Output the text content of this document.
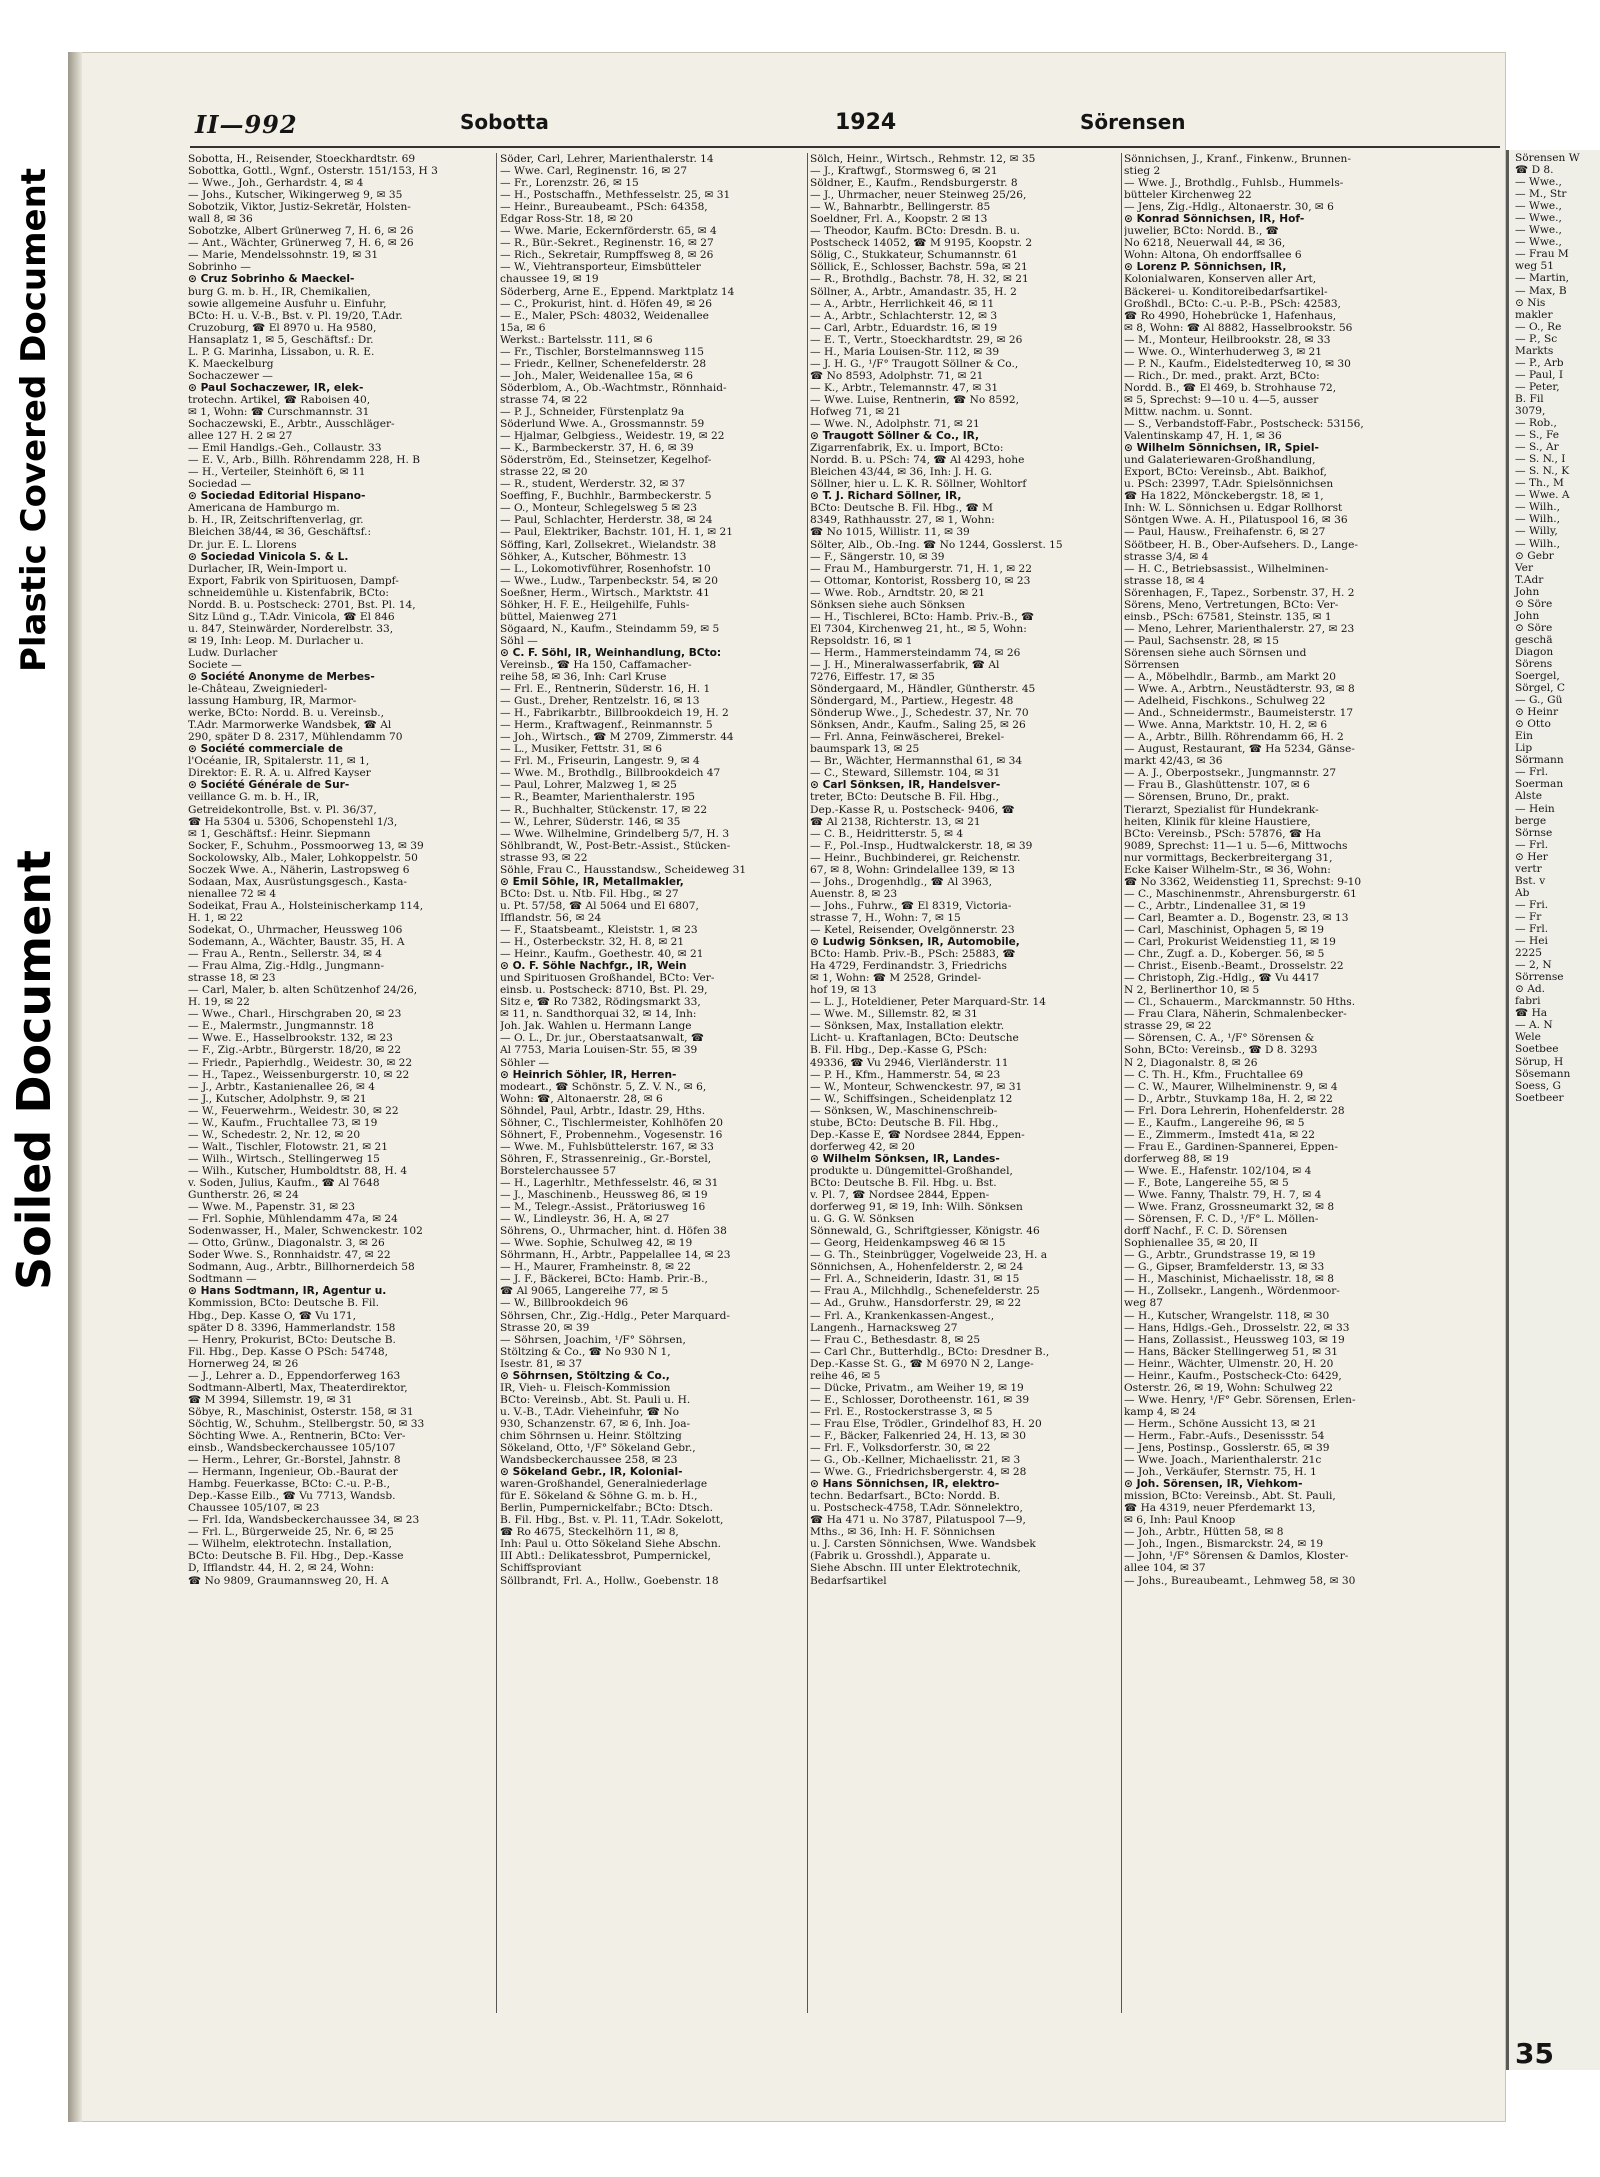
Soiled Document
Plastic Covered Document
II—992	Sobotta	1924	Sörensen

Sobotta, H., Reisender, Stoeckhardtstr. 69

Sobottka, Gottl., Wgnf., Osterstr. 151/153, H 3

— Wwe., Joh., Gerhardstr. 4, ✉ 4

— Johs., Kutscher, Wikingerweg 9, ✉ 35

Sobotzik, Viktor, Justiz-Sekretär, Holsten-

wall 8, ✉ 36

Sobotzke, Albert Grünerweg 7, H. 6, ✉ 26

— Ant., Wächter, Grünerweg 7, H. 6, ✉ 26

— Marie, Mendelssohnstr. 19, ✉ 31

Sobrinho —

⊙ Cruz Sobrinho & Maeckel-

burg G. m. b. H., IR, Chemikalien,

sowie allgemeine Ausfuhr u. Einfuhr,

BCto: H. u. V.-B., Bst. v. Pl. 19/20, T.Adr.

Cruzoburg, ☎ El 8970 u. Ha 9580,

Hansaplatz 1, ✉ 5, Geschäftsf.: Dr.

L. P. G. Marinha, Lissabon, u. R. E.

K. Maeckelburg

Sochaczewer —

⊙ Paul Sochaczewer, IR, elek-

trotechn. Artikel, ☎ Raboisen 40,

✉ 1, Wohn: ☎ Curschmannstr. 31

Sochaczewski, E., Arbtr., Ausschläger-

allee 127 H. 2 ✉ 27

— Emil Handlgs.-Geh., Collaustr. 33

— E. V., Arb., Billh. Röhrendamm 228, H. B

— H., Verteiler, Steinhöft 6, ✉ 11

Sociedad —

⊙ Sociedad Editorial Hispano-

Americana de Hamburgo m.

b. H., IR, Zeitschriftenverlag, gr.

Bleichen 38/44, ✉ 36, Geschäftsf.:

Dr. jur. E. L. Llorens

⊙ Sociedad Vinicola S. & L.

Durlacher, IR, Wein-Import u.

Export, Fabrik von Spirituosen, Dampf-

schneidemühle u. Kistenfabrik, BCto:

Nordd. B. u. Postscheck: 2701, Bst. Pl. 14,

Sitz Lünd g., T.Adr. Vinicola, ☎ El 846

u. 847, Steinwärder, Norderelbstr. 33,

✉ 19, Inh: Leop. M. Durlacher u.

Ludw. Durlacher

Societe —

⊙ Société Anonyme de Merbes-

le-Château, Zweigniederl-

lassung Hamburg, IR, Marmor-

werke, BCto: Nordd. B. u. Vereinsb.,

T.Adr. Marmorwerke Wandsbek, ☎ Al

290, später D 8. 2317, Mühlendamm 70

⊙ Société commerciale de

l'Océanie, IR, Spitalerstr. 11, ✉ 1,

Direktor: E. R. A. u. Alfred Kayser

⊙ Société Générale de Sur-

veillance G. m. b. H., IR,

Getreidekontrolle, Bst. v. Pl. 36/37,

☎ Ha 5304 u. 5306, Schopenstehl 1/3,

✉ 1, Geschäftsf.: Heinr. Siepmann

Socker, F., Schuhm., Possmoorweg 13, ✉ 39

Sockolowsky, Alb., Maler, Lohkoppelstr. 50

Soczek Wwe. A., Näherin, Lastropsweg 6

Sodaan, Max, Ausrüstungsgesch., Kasta-

nienallee 72 ✉ 4

Sodeikat, Frau A., Holsteinischerkamp 114,

H. 1, ✉ 22

Sodekat, O., Uhrmacher, Heussweg 106

Sodemann, A., Wächter, Baustr. 35, H. A

— Frau A., Rentn., Sellerstr. 34, ✉ 4

— Frau Alma, Zig.-Hdlg., Jungmann-

strasse 18, ✉ 23

— Carl, Maler, b. alten Schützenhof 24/26,

H. 19, ✉ 22

— Wwe., Charl., Hirschgraben 20, ✉ 23

— E., Malermstr., Jungmannstr. 18

— Wwe. E., Hasselbrookstr. 132, ✉ 23

— F., Zig.-Arbtr., Bürgerstr. 18/20, ✉ 22

— Friedr., Papierhdlg., Weidestr. 30, ✉ 22

— H., Tapez., Weissenburgerstr. 10, ✉ 22

— J., Arbtr., Kastanienallee 26, ✉ 4

— J., Kutscher, Adolphstr. 9, ✉ 21

— W., Feuerwehrm., Weidestr. 30, ✉ 22

— W., Kaufm., Fruchtallee 73, ✉ 19

— W., Schedestr. 2, Nr. 12, ✉ 20

— Walt., Tischler, Flotowstr. 21, ✉ 21

— Wilh., Wirtsch., Stellingerweg 15

— Wilh., Kutscher, Humboldtstr. 88, H. 4

v. Soden, Julius, Kaufm., ☎ Al 7648

Guntherstr. 26, ✉ 24

— Wwe. M., Papenstr. 31, ✉ 23

— Frl. Sophie, Mühlendamm 47a, ✉ 24

Sodenwasser, H., Maler, Schwenckestr. 102

— Otto, Grünw., Diagonalstr. 3, ✉ 26

Soder Wwe. S., Ronnhaidstr. 47, ✉ 22

Sodmann, Aug., Arbtr., Billhornerdeich 58

Sodtmann —

⊙ Hans Sodtmann, IR, Agentur u.

Kommission, BCto: Deutsche B. Fil.

Hbg., Dep. Kasse O, ☎ Vu 171,

später D 8. 3396, Hammerlandstr. 158

— Henry, Prokurist, BCto: Deutsche B.

Fil. Hbg., Dep. Kasse O PSch: 54748,

Hornerweg 24, ✉ 26

— J., Lehrer a. D., Eppendorferweg 163

Sodtmann-Albertl, Max, Theaterdirektor,

☎ M 3994, Sillemstr. 19, ✉ 31

Söbye, R., Maschinist, Osterstr. 158, ✉ 31

Söchtig, W., Schuhm., Stellbergstr. 50, ✉ 33

Söchting Wwe. A., Rentnerin, BCto: Ver-

einsb., Wandsbeckerchaussee 105/107

— Herm., Lehrer, Gr.-Borstel, Jahnstr. 8

— Hermann, Ingenieur, Ob.-Baurat der

Hambg. Feuerkasse, BCto: C.-u. P.-B.,

Dep.-Kasse Eilb., ☎ Vu 7713, Wandsb.

Chaussee 105/107, ✉ 23

— Frl. Ida, Wandsbeckerchaussee 34, ✉ 23

— Frl. L., Bürgerweide 25, Nr. 6, ✉ 25

— Wilhelm, elektrotechn. Installation,

BCto: Deutsche B. Fil. Hbg., Dep.-Kasse

D, Ifflandstr. 44, H. 2, ✉ 24, Wohn:

☎ No 9809, Graumannsweg 20, H. A

Söder, Carl, Lehrer, Marienthalerstr. 14

— Wwe. Carl, Reginenstr. 16, ✉ 27

— Fr., Lorenzstr. 26, ✉ 15

— H., Postschaffn., Methfesselstr. 25, ✉ 31

— Heinr., Bureaubeamt., PSch: 64358,

Edgar Ross-Str. 18, ✉ 20

— Wwe. Marie, Eckernförderstr. 65, ✉ 4

— R., Bür.-Sekret., Reginenstr. 16, ✉ 27

— Rich., Sekretair, Rumpffsweg 8, ✉ 26

— W., Viehtransporteur, Eimsbütteler

chaussee 19, ✉ 19

Söderberg, Arne E., Eppend. Marktplatz 14

— C., Prokurist, hint. d. Höfen 49, ✉ 26

— E., Maler, PSch: 48032, Weidenallee

15a, ✉ 6

Werkst.: Bartelsstr. 111, ✉ 6

— Fr., Tischler, Borstelmannsweg 115

— Friedr., Kellner, Schenefelderstr. 28

— Joh., Maler, Weidenallee 15a, ✉ 6

Söderblom, A., Ob.-Wachtmstr., Rönnhaid-

strasse 74, ✉ 22

— P. J., Schneider, Fürstenplatz 9a

Söderlund Wwe. A., Grossmannstr. 59

— Hjalmar, Gelbgiess., Weidestr. 19, ✉ 22

— K., Barmbeckerstr. 37, H. 6, ✉ 39

Söderström, Ed., Steinsetzer, Kegelhof-

strasse 22, ✉ 20

— R., student, Werderstr. 32, ✉ 37

Soeffing, F., Buchhlr., Barmbeckerstr. 5

— O., Monteur, Schlegelsweg 5 ✉ 23

— Paul, Schlachter, Herderstr. 38, ✉ 24

— Paul, Elektriker, Bachstr. 101, H. 1, ✉ 21

Söffing, Karl, Zollsekret., Wielandstr. 38

Söhker, A., Kutscher, Böhmestr. 13

— L., Lokomotivführer, Rosenhofstr. 10

— Wwe., Ludw., Tarpenbeckstr. 54, ✉ 20

Soeßner, Herm., Wirtsch., Marktstr. 41

Söhker, H. F. E., Heilgehilfe, Fuhls-

büttel, Maienweg 271

Sögaard, N., Kaufm., Steindamm 59, ✉ 5

Söhl —

⊙ C. F. Söhl, IR, Weinhandlung, BCto:

Vereinsb., ☎ Ha 150, Caffamacher-

reihe 58, ✉ 36, Inh: Carl Kruse

— Frl. E., Rentnerin, Süderstr. 16, H. 1

— Gust., Dreher, Rentzelstr. 16, ✉ 13

— H., Fabrikarbtr., Billbrookdeich 19, H. 2

— Herm., Kraftwagenf., Reinmannstr. 5

— Joh., Wirtsch., ☎ M 2709, Zimmerstr. 44

— L., Musiker, Fettstr. 31, ✉ 6

— Frl. M., Friseurin, Langestr. 9, ✉ 4

— Wwe. M., Brothdlg., Billbrookdeich 47

— Paul, Lohrer, Malzweg 1, ✉ 25

— R., Beamter, Marienthalerstr. 195

— R., Buchhalter, Stückenstr. 17, ✉ 22

— W., Lehrer, Süderstr. 146, ✉ 35

— Wwe. Wilhelmine, Grindelberg 5/7, H. 3

Söhlbrandt, W., Post-Betr.-Assist., Stücken-

strasse 93, ✉ 22

Söhle, Frau C., Hausstandsw., Scheideweg 31

⊙ Emil Söhle, IR, Metallmakler,

BCto: Dst. u. Ntb. Fil. Hbg., ✉ 27

u. Pt. 57/58, ☎ Al 5064 und El 6807,

Ifflandstr. 56, ✉ 24

— F., Staatsbeamt., Kleiststr. 1, ✉ 23

— H., Osterbeckstr. 32, H. 8, ✉ 21

— Heinr., Kaufm., Goethestr. 40, ✉ 21

⊙ O. F. Söhle Nachfgr., IR, Wein

und Spirituosen Großhandel, BCto: Ver-

einsb. u. Postscheck: 8710, Bst. Pl. 29,

Sitz e, ☎ Ro 7382, Rödingsmarkt 33,

✉ 11, n. Sandthorquai 32, ✉ 14, Inh:

Joh. Jak. Wahlen u. Hermann Lange

— O. L., Dr. jur., Oberstaatsanwalt, ☎

Al 7753, Maria Louisen-Str. 55, ✉ 39

Söhler —

⊙ Heinrich Söhler, IR, Herren-

modeart., ☎ Schönstr. 5, Z. V. N., ✉ 6,

Wohn: ☎, Altonaerstr. 28, ✉ 6

Söhndel, Paul, Arbtr., Idastr. 29, Hths.

Söhner, C., Tischlermeister, Kohlhöfen 20

Söhnert, F., Probennehm., Vogesenstr. 16

— Wwe. M., Fuhlsbüttelerstr. 167, ✉ 33

Söhren, F., Strassenreinig., Gr.-Borstel,

Borstelerchaussee 57

— H., Lagerhltr., Methfesselstr. 46, ✉ 31

— J., Maschinenb., Heussweg 86, ✉ 19

— M., Telegr.-Assist., Prätoriusweg 16

— W., Lindleystr. 36, H. A, ✉ 27

Söhrens, O., Uhrmacher, hint. d. Höfen 38

— Wwe. Sophie, Schulweg 42, ✉ 19

Söhrmann, H., Arbtr., Pappelallee 14, ✉ 23

— H., Maurer, Framheinstr. 8, ✉ 22

— J. F., Bäckerei, BCto: Hamb. Prir.-B.,

☎ Al 9065, Langereihe 77, ✉ 5

— W., Billbrookdeich 96

Söhrsen, Chr., Zig.-Hdlg., Peter Marquard-

Strasse 20, ✉ 39

— Söhrsen, Joachim, ¹/F° Söhrsen,

Stöltzing & Co., ☎ No 930 N 1,

Isestr. 81, ✉ 37

⊙ Söhrnsen, Stöltzing & Co.,

IR, Vieh- u. Fleisch-Kommission

BCto: Vereinsb., Abt. St. Pauli u. H.

u. V.-B., T.Adr. Vieheinfuhr, ☎ No

930, Schanzenstr. 67, ✉ 6, Inh. Joa-

chim Söhrnsen u. Heinr. Stöltzing

Sökeland, Otto, ¹/F° Sökeland Gebr.,

Wandsbeckerchaussee 258, ✉ 23

⊙ Sökeland Gebr., IR, Kolonial-

waren-Großhandel, Generalniederlage

für E. Sökeland & Söhne G. m. b. H.,

Berlin, Pumpernickelfabr.; BCto: Dtsch.

B. Fil. Hbg., Bst. v. Pl. 11, T.Adr. Sokelott,

☎ Ro 4675, Steckelhörn 11, ✉ 8,

Inh: Paul u. Otto Sökeland Siehe Abschn.

III Abtl.: Delikatessbrot, Pumpernickel,

Schiffsproviant

Söllbrandt, Frl. A., Hollw., Goebenstr. 18

Sölch, Heinr., Wirtsch., Rehmstr. 12, ✉ 35

— J., Kraftwgf., Stormsweg 6, ✉ 21

Söldner, E., Kaufm., Rendsburgerstr. 8

— J., Uhrmacher, neuer Steinweg 25/26,

— W., Bahnarbtr., Bellingerstr. 85

Soeldner, Frl. A., Koopstr. 2 ✉ 13

— Theodor, Kaufm. BCto: Dresdn. B. u.

Postscheck 14052, ☎ M 9195, Koopstr. 2

Sölig, C., Stukkateur, Schumannstr. 61

Söllick, E., Schlosser, Bachstr. 59a, ✉ 21

— R., Brothdlg., Bachstr. 78, H. 32, ✉ 21

Söllner, A., Arbtr., Amandastr. 35, H. 2

— A., Arbtr., Herrlichkeit 46, ✉ 11

— A., Arbtr., Schlachterstr. 12, ✉ 3

— Carl, Arbtr., Eduardstr. 16, ✉ 19

— E. T., Vertr., Stoeckhardtstr. 29, ✉ 26

— H., Maria Louisen-Str. 112, ✉ 39

— J. H. G., ¹/F° Traugott Söllner & Co.,

☎ No 8593, Adolphstr. 71, ✉ 21

— K., Arbtr., Telemannstr. 47, ✉ 31

— Wwe. Luise, Rentnerin, ☎ No 8592,

Hofweg 71, ✉ 21

— Wwe. N., Adolphstr. 71, ✉ 21

⊙ Traugott Söllner & Co., IR,

Zigarrenfabrik, Ex. u. Import, BCto:

Nordd. B. u. PSch: 74, ☎ Al 4293, hohe

Bleichen 43/44, ✉ 36, Inh: J. H. G.

Söllner, hier u. L. K. R. Söllner, Wohltorf

⊙ T. J. Richard Söllner, IR,

BCto: Deutsche B. Fil. Hbg., ☎ M

8349, Rathhausstr. 27, ✉ 1, Wohn:

☎ No 1015, Willistr. 11, ✉ 39

Sölter, Alb., Ob.-Ing. ☎ No 1244, Gosslerst. 15

— F., Sängerstr. 10, ✉ 39

— Frau M., Hamburgerstr. 71, H. 1, ✉ 22

— Ottomar, Kontorist, Rossberg 10, ✉ 23

— Wwe. Rob., Arndtstr. 20, ✉ 21

Sönksen siehe auch Sönksen

— H., Tischlerei, BCto: Hamb. Priv.-B., ☎

El 7304, Kirchenweg 21, ht., ✉ 5, Wohn:

Repsoldstr. 16, ✉ 1

— Herm., Hammersteindamm 74, ✉ 26

— J. H., Mineralwasserfabrik, ☎ Al

7276, Eiffestr. 17, ✉ 35

Söndergaard, M., Händler, Güntherstr. 45

Söndergard, M., Partiew., Hegestr. 48

Sönderup Wwe., J., Schedestr. 37, Nr. 70

Sönksen, Andr., Kaufm., Saling 25, ✉ 26

— Frl. Anna, Feinwäscherei, Brekel-

baumspark 13, ✉ 25

— Br., Wächter, Hermannsthal 61, ✉ 34

— C., Steward, Sillemstr. 104, ✉ 31

⊙ Carl Sönksen, IR, Handelsver-

treter, BCto: Deutsche B. Fil. Hbg.,

Dep.-Kasse R, u. Postscheck- 9406, ☎

☎ Al 2138, Richterstr. 13, ✉ 21

— C. B., Heidritterstr. 5, ✉ 4

— F., Pol.-Insp., Hudtwalckerstr. 18, ✉ 39

— Heinr., Buchbinderei, gr. Reichenstr.

67, ✉ 8, Wohn: Grindelallee 139, ✉ 13

— Johs., Drogenhdlg., ☎ Al 3963,

Auenstr. 8, ✉ 23

— Johs., Fuhrw., ☎ El 8319, Victoria-

strasse 7, H., Wohn: 7, ✉ 15

— Ketel, Reisender, Ovelgönnerstr. 23

⊙ Ludwig Sönksen, IR, Automobile,

BCto: Hamb. Priv.-B., PSch: 25883, ☎

Ha 4729, Ferdinandstr. 3, Friedrichs

✉ 1, Wohn: ☎ M 2528, Grindel-

hof 19, ✉ 13

— L. J., Hoteldiener, Peter Marquard-Str. 14

— Wwe. M., Sillemstr. 82, ✉ 31

— Sönksen, Max, Installation elektr.

Licht- u. Kraftanlagen, BCto: Deutsche

B. Fil. Hbg., Dep.-Kasse G, PSch:

49336, ☎ Vu 2946, Vierländerstr. 11

— P. H., Kfm., Hammerstr. 54, ✉ 23

— W., Monteur, Schwenckestr. 97, ✉ 31

— W., Schiffsingen., Scheidenplatz 12

— Sönksen, W., Maschinenschreib-

stube, BCto: Deutsche B. Fil. Hbg.,

Dep.-Kasse E, ☎ Nordsee 2844, Eppen-

dorferweg 42, ✉ 20

⊙ Wilhelm Sönksen, IR, Landes-

produkte u. Düngemittel-Großhandel,

BCto: Deutsche B. Fil. Hbg. u. Bst.

v. Pl. 7, ☎ Nordsee 2844, Eppen-

dorferweg 91, ✉ 19, Inh: Wilh. Sönksen

u. G. G. W. Sönksen

Sönnewald, G., Schriftgiesser, Königstr. 46

— Georg, Heidenkampsweg 46 ✉ 15

— G. Th., Steinbrügger, Vogelweide 23, H. a

Sönnichsen, A., Hohenfelderstr. 2, ✉ 24

— Frl. A., Schneiderin, Idastr. 31, ✉ 15

— Frau A., Milchhdlg., Schenefelderstr. 25

— Ad., Gruhw., Hansdorferstr. 29, ✉ 22

— Frl. A., Krankenkassen-Angest.,

Langenh., Harnacksweg 27

— Frau C., Bethesdastr. 8, ✉ 25

— Carl Chr., Butterhdlg., BCto: Dresdner B.,

Dep.-Kasse St. G., ☎ M 6970 N 2, Lange-

reihe 46, ✉ 5

— Dücke, Privatm., am Weiher 19, ✉ 19

— E., Schlosser, Dorotheenstr. 161, ✉ 39

— Frl. E., Rostockerstrasse 3, ✉ 5

— Frau Else, Trödler., Grindelhof 83, H. 20

— F., Bäcker, Falkenried 24, H. 13, ✉ 30

— Frl. F., Volksdorferstr. 30, ✉ 22

— G., Ob.-Kellner, Michaelisstr. 21, ✉ 3

— Wwe. G., Friedrichsbergerstr. 4, ✉ 28

⊙ Hans Sönnichsen, IR, elektro-

techn. Bedarfsart., BCto: Nordd. B.

u. Postscheck-4758, T.Adr. Sönnelektro,

☎ Ha 471 u. No 3787, Pilatuspool 7—9,

Mths., ✉ 36, Inh: H. F. Sönnichsen

u. J. Carsten Sönnichsen, Wwe. Wandsbek

(Fabrik u. Grosshdl.), Apparate u.

Siehe Abschn. III unter Elektrotechnik,

Bedarfsartikel

Sönnichsen, J., Kranf., Finkenw., Brunnen-

stieg 2

— Wwe. J., Brothdlg., Fuhlsb., Hummels-

bütteler Kirchenweg 22

— Jens, Zig.-Hdlg., Altonaerstr. 30, ✉ 6

⊙ Konrad Sönnichsen, IR, Hof-

juwelier, BCto: Nordd. B., ☎

No 6218, Neuerwall 44, ✉ 36,

Wohn: Altona, Oh endorffsallee 6

⊙ Lorenz P. Sönnichsen, IR,

Kolonialwaren, Konserven aller Art,

Bäckerei- u. Konditoreibedarfsartikel-

Großhdl., BCto: C.-u. P.-B., PSch: 42583,

☎ Ro 4990, Hohebrücke 1, Hafenhaus,

✉ 8, Wohn: ☎ Al 8882, Hasselbrookstr. 56

— M., Monteur, Heilbrookstr. 28, ✉ 33

— Wwe. O., Winterhuderweg 3, ✉ 21

— P. N., Kaufm., Eidelstedterweg 10, ✉ 30

— Rich., Dr. med., prakt. Arzt, BCto:

Nordd. B., ☎ El 469, b. Strohhause 72,

✉ 5, Sprechst: 9—10 u. 4—5, ausser

Mittw. nachm. u. Sonnt.

— S., Verbandstoff-Fabr., Postscheck: 53156,

Valentinskamp 47, H. 1, ✉ 36

⊙ Wilhelm Sönnichsen, IR, Spiel-

und Galateriewaren-Großhandlung,

Export, BCto: Vereinsb., Abt. Baikhof,

u. PSch: 23997, T.Adr. Spielsönnichsen

☎ Ha 1822, Mönckebergstr. 18, ✉ 1,

Inh: W. L. Sönnichsen u. Edgar Rollhorst

Söntgen Wwe. A. H., Pilatuspool 16, ✉ 36

— Paul, Hausw., Freihafenstr. 6, ✉ 27

Söötbeer, H. B., Ober-Aufsehers. D., Lange-

strasse 3/4, ✉ 4

— H. C., Betriebsassist., Wilhelminen-

strasse 18, ✉ 4

Sörenhagen, F., Tapez., Sorbenstr. 37, H. 2

Sörens, Meno, Vertretungen, BCto: Ver-

einsb., PSch: 67581, Steinstr. 135, ✉ 1

— Meno, Lehrer, Marienthalerstr. 27, ✉ 23

— Paul, Sachsenstr. 28, ✉ 15

Sörensen siehe auch Sörnsen und

Sörrensen

— A., Möbelhdlr., Barmb., am Markt 20

— Wwe. A., Arbtrn., Neustädterstr. 93, ✉ 8

— Adelheid, Fischkons., Schulweg 22

— And., Schneidermstr., Baumeisterstr. 17

— Wwe. Anna, Marktstr. 10, H. 2, ✉ 6

— A., Arbtr., Billh. Röhrendamm 66, H. 2

— August, Restaurant, ☎ Ha 5234, Gänse-

markt 42/43, ✉ 36

— A. J., Oberpostsekr., Jungmannstr. 27

— Frau B., Glashüttenstr. 107, ✉ 6

— Sörensen, Bruno, Dr., prakt.

Tierarzt, Spezialist für Hundekrank-

heiten, Klinik für kleine Haustiere,

BCto: Vereinsb., PSch: 57876, ☎ Ha

9089, Sprechst: 11—1 u. 5—6, Mittwochs

nur vormittags, Beckerbreitergang 31,

Ecke Kaiser Wilhelm-Str., ✉ 36, Wohn:

☎ No 3362, Weidenstieg 11, Sprechst: 9-10

— C., Maschinenmstr., Ahrensburgerstr. 61

— C., Arbtr., Lindenallee 31, ✉ 19

— Carl, Beamter a. D., Bogenstr. 23, ✉ 13

— Carl, Maschinist, Ophagen 5, ✉ 19

— Carl, Prokurist Weidenstieg 11, ✉ 19

— Chr., Zugf. a. D., Koberger. 56, ✉ 5

— Christ., Eisenb.-Beamt., Drosselstr. 22

— Christoph, Zig.-Hdlg., ☎ Vu 4417

N 2, Berlinerthor 10, ✉ 5

— Cl., Schauerm., Marckmannstr. 50 Hths.

— Frau Clara, Näherin, Schmalenbecker-

strasse 29, ✉ 22

— Sörensen, C. A., ¹/F° Sörensen &

Sohn, BCto: Vereinsb., ☎ D 8. 3293

N 2, Diagonalstr. 8, ✉ 26

— C. Th. H., Kfm., Fruchtallee 69

— C. W., Maurer, Wilhelminenstr. 9, ✉ 4

— D., Arbtr., Stuvkamp 18a, H. 2, ✉ 22

— Frl. Dora Lehrerin, Hohenfelderstr. 28

— E., Kaufm., Langereihe 96, ✉ 5

— E., Zimmerm., Imstedt 41a, ✉ 22

— Frau E., Gardinen-Spannerei, Eppen-

dorferweg 88, ✉ 19

— Wwe. E., Hafenstr. 102/104, ✉ 4

— F., Bote, Langereihe 55, ✉ 5

— Wwe. Fanny, Thalstr. 79, H. 7, ✉ 4

— Wwe. Franz, Grossneumarkt 32, ✉ 8

— Sörensen, F. C. D., ¹/F° L. Möllen-

dorff Nachf., F. C. D. Sörensen

Sophienallee 35, ✉ 20, II

— G., Arbtr., Grundstrasse 19, ✉ 19

— G., Gipser, Bramfelderstr. 13, ✉ 33

— H., Maschinist, Michaelisstr. 18, ✉ 8

— H., Zollsekr., Langenh., Wördenmoor-

weg 87

— H., Kutscher, Wrangelstr. 118, ✉ 30

— Hans, Hdlgs.-Geh., Drosselstr. 22, ✉ 33

— Hans, Zollassist., Heussweg 103, ✉ 19

— Hans, Bäcker Stellingerweg 51, ✉ 31

— Heinr., Wächter, Ulmenstr. 20, H. 20

— Heinr., Kaufm., Postscheck-Cto: 6429,

Osterstr. 26, ✉ 19, Wohn: Schulweg 22

— Wwe. Henry, ¹/F° Gebr. Sörensen, Erlen-

kamp 4, ✉ 24

— Herm., Schöne Aussicht 13, ✉ 21

— Herm., Fabr.-Aufs., Desenissstr. 54

— Jens, Postinsp., Gosslerstr. 65, ✉ 39

— Wwe. Joach., Marienthalerstr. 21c

— Joh., Verkäufer, Sternstr. 75, H. 1

⊙ Joh. Sörensen, IR, Viehkom-

mission, BCto: Vereinsb., Abt. St. Pauli,

☎ Ha 4319, neuer Pferdemarkt 13,

✉ 6, Inh: Paul Knoop

— Joh., Arbtr., Hütten 58, ✉ 8

— Joh., Ingen., Bismarckstr. 24, ✉ 19

— John, ¹/F° Sörensen & Damlos, Kloster-

allee 104, ✉ 37

— Johs., Bureaubeamt., Lehmweg 58, ✉ 30

Sörensen W

☎ D 8.

— Wwe.,

— M., Str

— Wwe.,

— Wwe.,

— Wwe.,

— Wwe.,

— Frau M

weg 51

— Martin,

— Max, B

⊙ Nis

makler

— O., Re

— P., Sc

Markts

— P., Arb

— Paul, I

— Peter,

B. Fil

3079,

— Rob.,

— S., Fe

— S., Ar

— S. N., I

— S. N., K

— Th., M

— Wwe. A

— Wilh.,

— Wilh.,

— Willy,

— Wilh.,

⊙ Gebr

Ver

T.Adr

John

⊙ Söre

John

⊙ Söre

geschä

Diagon

Sörens

Soergel,

Sörgel, C

— G., Gü

⊙ Heinr

⊙ Otto

Ein

Lip

Sörmann

— Frl.

Soerman

Alste

— Hein

berge

Sörnse

— Frl.

⊙ Her

vertr

Bst. v

Ab

— Fri.

— Fr

— Frl.

— Hei

2225

— 2, N

Sörrense

⊙ Ad.

fabri

☎ Ha

— A. N

Wele

Soetbee

Sörup, H

Sösemann

Soess, G

Soetbeer

35
